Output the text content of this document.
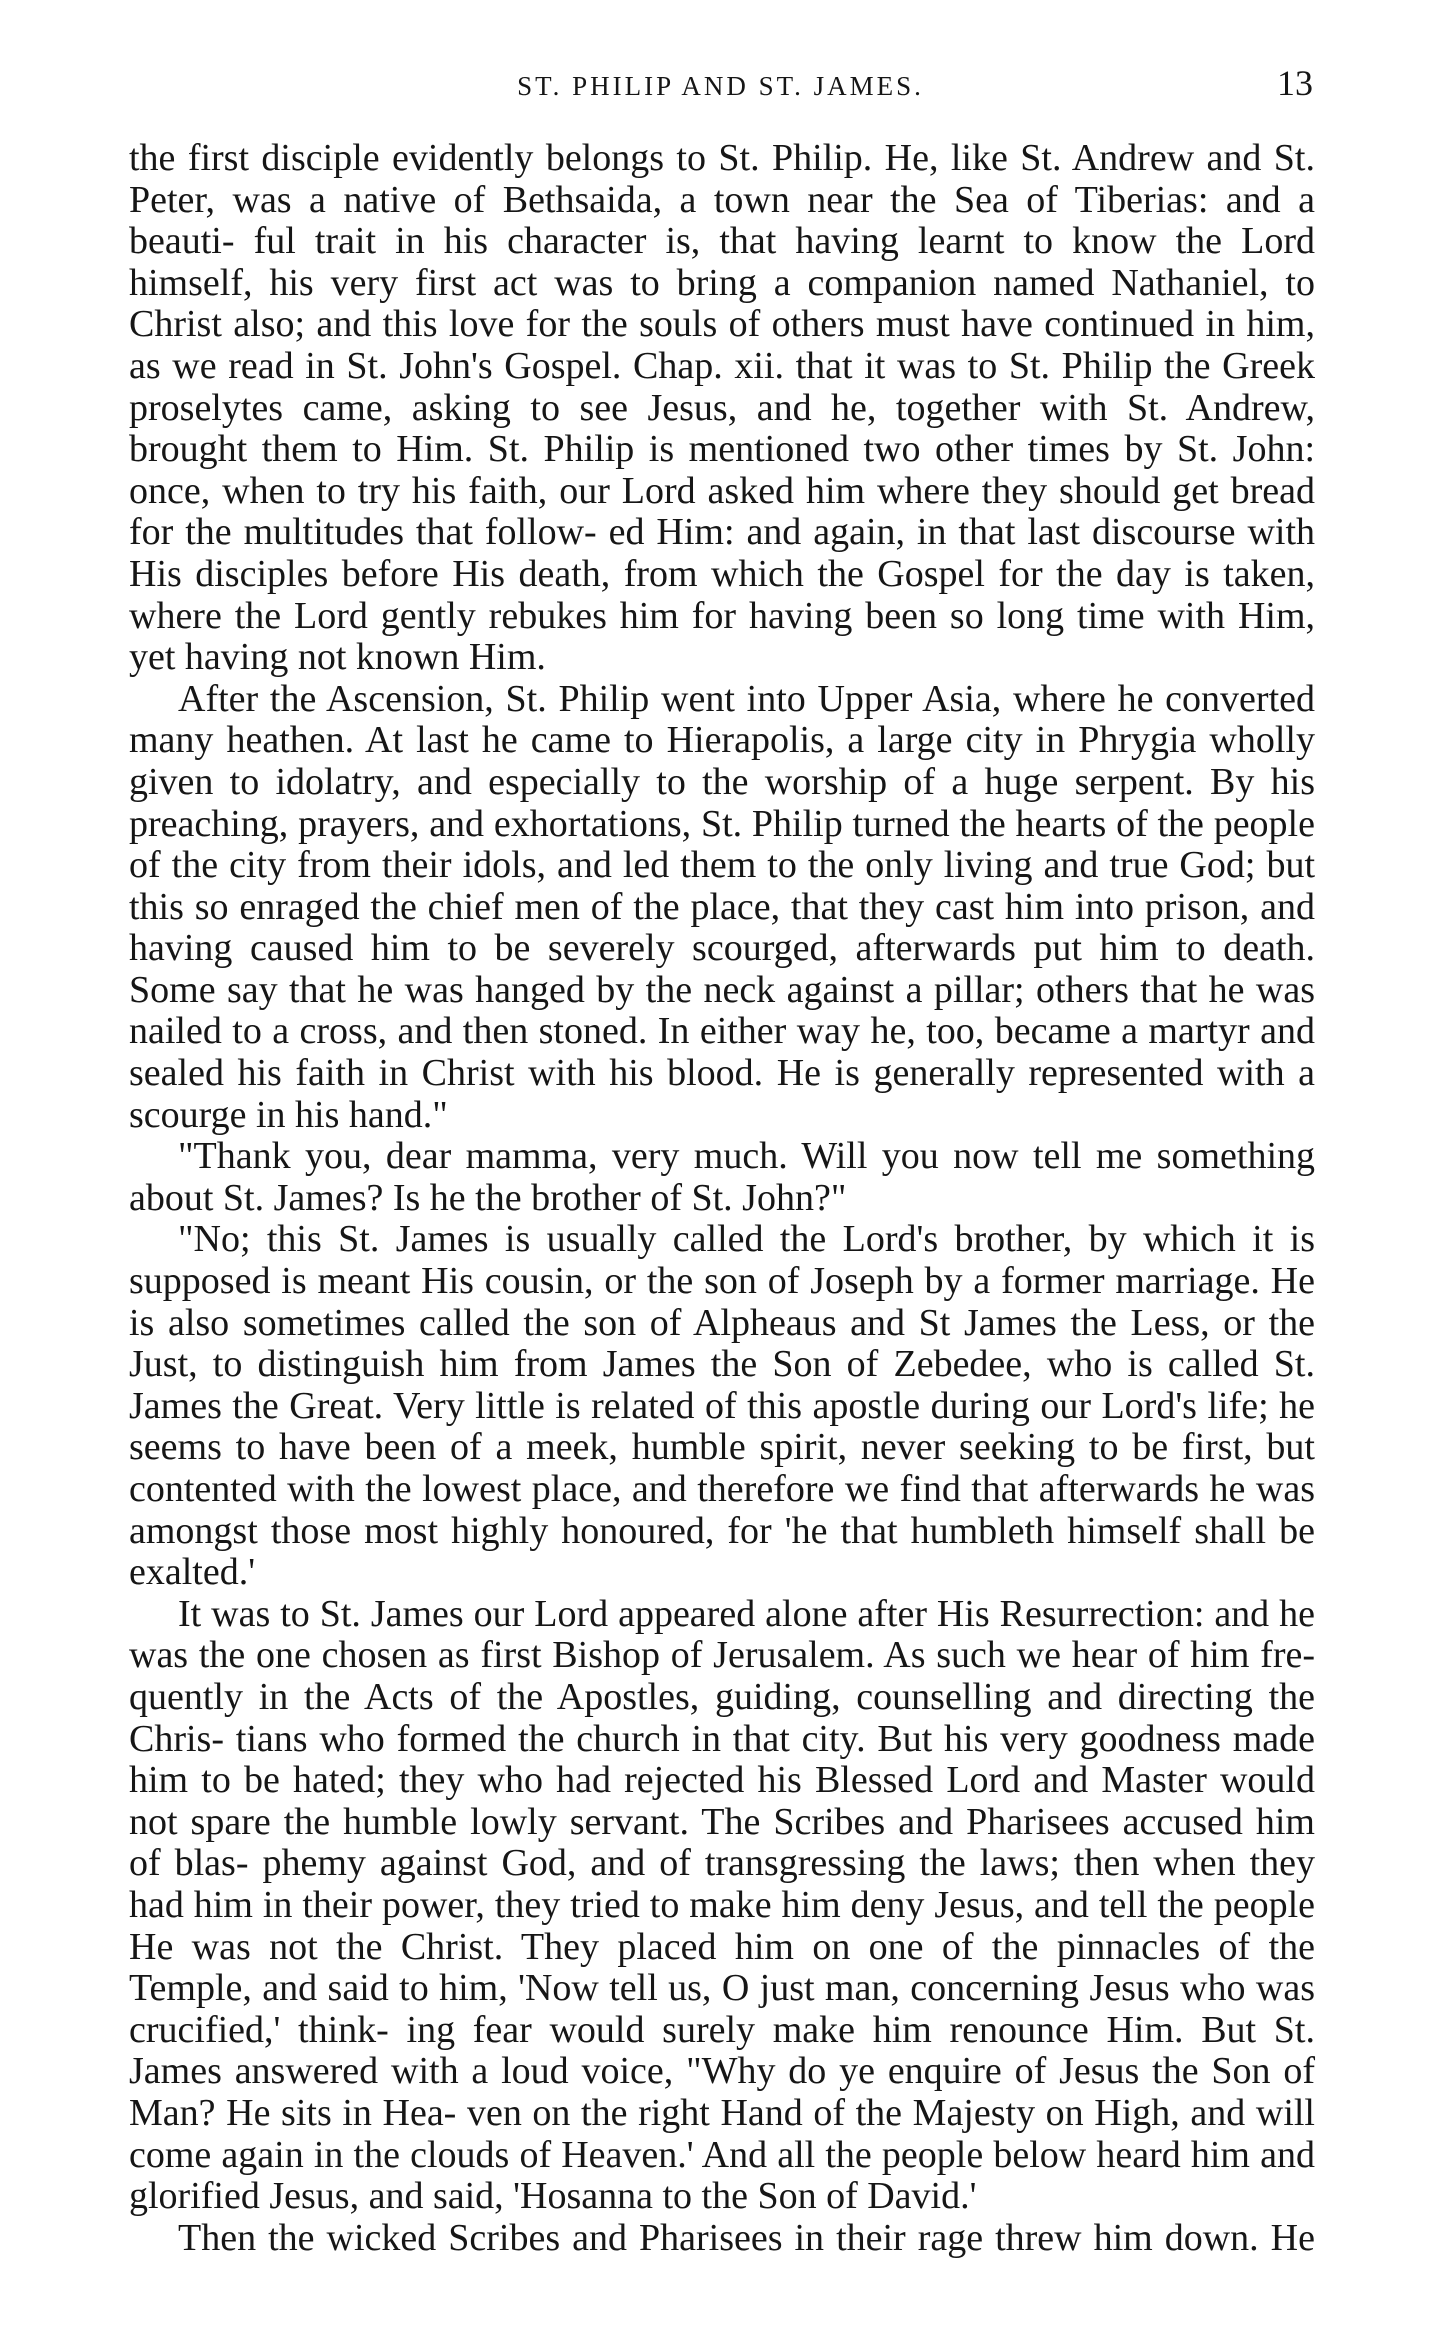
ST. PHILIP AND ST. JAMES.	13
the first disciple evidently belongs to St. Philip. He, like St. Andrew and St. Peter, was a native of Bethsaida, a town near the Sea of Tiberias: and a beauti- ful trait in his character is, that having learnt to know the Lord himself, his very first act was to bring a companion named Nathaniel, to Christ also; and this love for the souls of others must have continued in him, as we read in St. John's Gospel. Chap. xii. that it was to St. Philip the Greek proselytes came, asking to see Jesus, and he, together with St. Andrew, brought them to Him. St. Philip is mentioned two other times by St. John: once, when to try his faith, our Lord asked him where they should get bread for the multitudes that follow- ed Him: and again, in that last discourse with His disciples before His death, from which the Gospel for the day is taken, where the Lord gently rebukes him for having been so long time with Him, yet having not known Him.
After the Ascension, St. Philip went into Upper Asia, where he converted many heathen. At last he came to Hierapolis, a large city in Phrygia wholly given to idolatry, and especially to the worship of a huge serpent. By his preaching, prayers, and exhortations, St. Philip turned the hearts of the people of the city from their idols, and led them to the only living and true God; but this so enraged the chief men of the place, that they cast him into prison, and having caused him to be severely scourged, afterwards put him to death. Some say that he was hanged by the neck against a pillar; others that he was nailed to a cross, and then stoned. In either way he, too, became a martyr and sealed his faith in Christ with his blood. He is generally represented with a scourge in his hand."
"Thank you, dear mamma, very much. Will you now tell me something about St. James? Is he the brother of St. John?"
"No; this St. James is usually called the Lord's brother, by which it is supposed is meant His cousin, or the son of Joseph by a former marriage. He is also sometimes called the son of Alpheaus and St James the Less, or the Just, to distinguish him from James the Son of Zebedee, who is called St. James the Great. Very little is related of this apostle during our Lord's life; he seems to have been of a meek, humble spirit, never seeking to be first, but contented with the lowest place, and therefore we find that afterwards he was amongst those most highly honoured, for 'he that humbleth himself shall be exalted.'
It was to St. James our Lord appeared alone after His Resurrection: and he was the one chosen as first Bishop of Jerusalem. As such we hear of him fre- quently in the Acts of the Apostles, guiding, counselling and directing the Chris- tians who formed the church in that city. But his very goodness made him to be hated; they who had rejected his Blessed Lord and Master would not spare the humble lowly servant. The Scribes and Pharisees accused him of blas- phemy against God, and of transgressing the laws; then when they had him in their power, they tried to make him deny Jesus, and tell the people He was not the Christ. They placed him on one of the pinnacles of the Temple, and said to him, 'Now tell us, O just man, concerning Jesus who was crucified,' think- ing fear would surely make him renounce Him. But St. James answered with a loud voice, "Why do ye enquire of Jesus the Son of Man? He sits in Hea- ven on the right Hand of the Majesty on High, and will come again in the clouds of Heaven.' And all the people below heard him and glorified Jesus, and said, 'Hosanna to the Son of David.'
Then the wicked Scribes and Pharisees in their rage threw him down. He
